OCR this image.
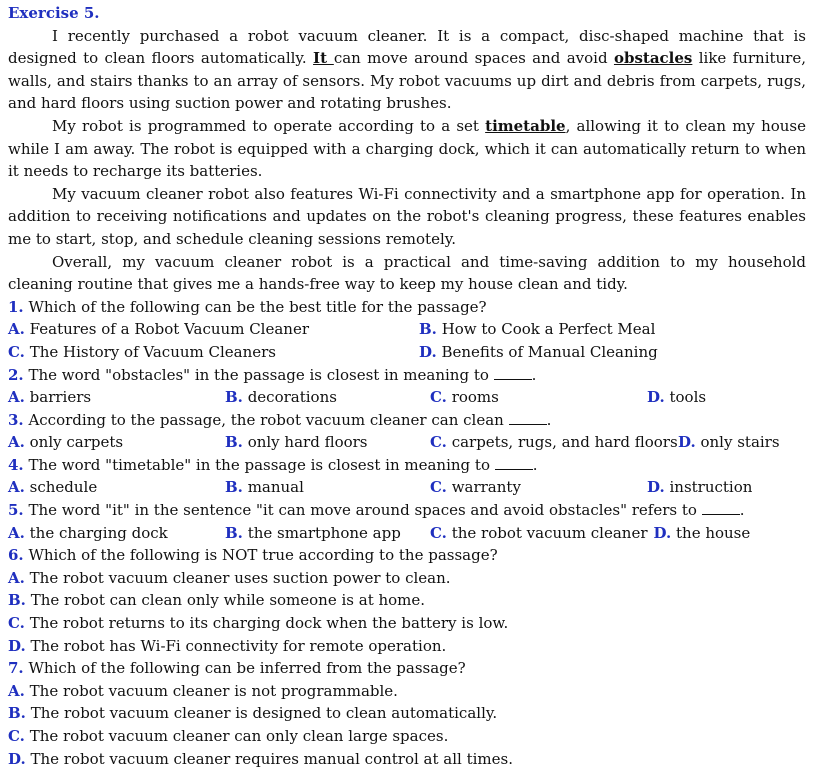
Exercise 5.

I recently purchased a robot vacuum cleaner. It is a compact, disc-shaped machine that is designed to clean floors automatically. It can move around spaces and avoid obstacles like furniture, walls, and stairs thanks to an array of sensors. My robot vacuums up dirt and debris from carpets, rugs, and hard floors using suction power and rotating brushes.

My robot is programmed to operate according to a set timetable, allowing it to clean my house while I am away. The robot is equipped with a charging dock, which it can automatically return to when it needs to recharge its batteries.

My vacuum cleaner robot also features Wi-Fi connectivity and a smartphone app for operation. In addition to receiving notifications and updates on the robot's cleaning progress, these features enables me to start, stop, and schedule cleaning sessions remotely.

Overall, my vacuum cleaner robot is a practical and time-saving addition to my household cleaning routine that gives me a hands-free way to keep my house clean and tidy.

1. Which of the following can be the best title for the passage?
A. Features of a Robot Vacuum Cleaner	B. How to Cook a Perfect Meal
C. The History of Vacuum Cleaners	D. Benefits of Manual Cleaning
2. The word "obstacles" in the passage is closest in meaning to	.
A. barriers	B. decorations	C. rooms	D. tools
3. According to the passage, the robot vacuum cleaner can clean	.
A. only carpets	B. only hard floors	C. carpets, rugs, and hard floors D. only stairs
4. The word "timetable" in the passage is closest in meaning to	.
A. schedule	B. manual	C. warranty	D. instruction
5. The word "it" in the sentence "it can move around spaces and avoid obstacles" refers to	.
A. the charging dock	B. the smartphone app	C. the robot vacuum cleaner D. the house
6. Which of the following is NOT true according to the passage?
A. The robot vacuum cleaner uses suction power to clean.
B. The robot can clean only while someone is at home.
C. The robot returns to its charging dock when the battery is low.
D. The robot has Wi-Fi connectivity for remote operation.
7. Which of the following can be inferred from the passage?
A. The robot vacuum cleaner is not programmable.
B. The robot vacuum cleaner is designed to clean automatically.
C. The robot vacuum cleaner can only clean large spaces.
D. The robot vacuum cleaner requires manual control at all times.
